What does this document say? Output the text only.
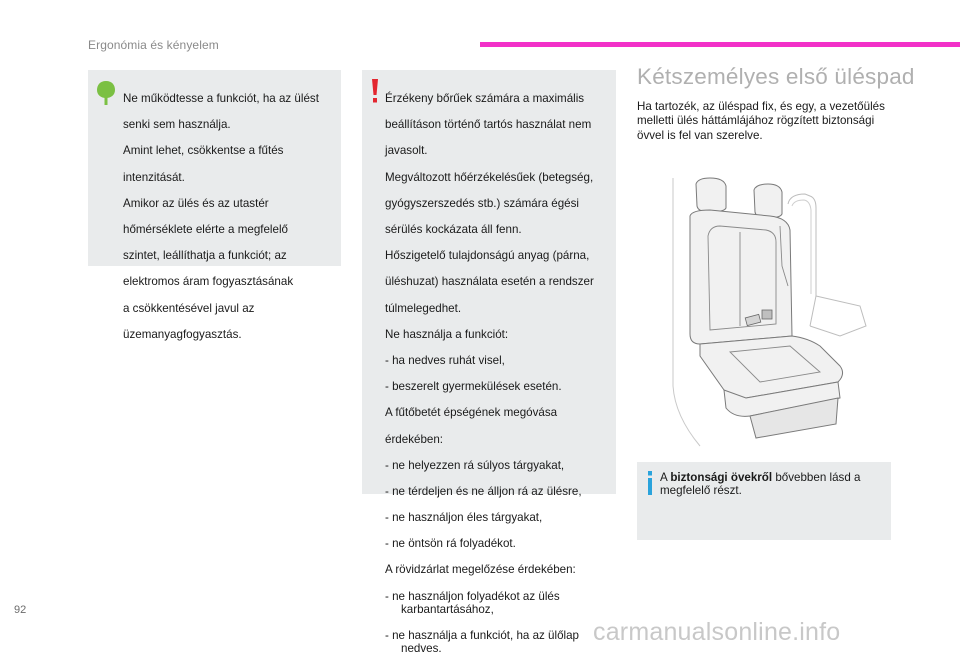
Ergonómia és kényelem

Ne működtesse a funkciót, ha az ülést

senki sem használja.

Amint lehet, csökkentse a fűtés

intenzitását.

Amikor az ülés és az utastér

hőmérséklete elérte a megfelelő

szintet, leállíthatja a funkciót; az

elektromos áram fogyasztásának

a csökkentésével javul az

üzemanyagfogyasztás.

Érzékeny bőrűek számára a maximális

beállításon történő tartós használat nem

javasolt.

Megváltozott hőérzékelésűek (betegség,

gyógyszerszedés stb.) számára égési

sérülés kockázata áll fenn.

Hőszigetelő tulajdonságú anyag (párna,

üléshuzat) használata esetén a rendszer

túlmelegedhet.

Ne használja a funkciót:

- ha nedves ruhát visel,

- beszerelt gyermekülések esetén.

A fűtőbetét épségének megóvása

érdekében:

- ne helyezzen rá súlyos tárgyakat,

- ne térdeljen és ne álljon rá az ülésre,

- ne használjon éles tárgyakat,

- ne öntsön rá folyadékot.

A rövidzárlat megelőzése érdekében:

- ne használjon folyadékot az ülés karbantartásához,

- ne használja a funkciót, ha az ülőlap nedves.

Kétszemélyes első üléspad
Ha tartozék, az üléspad fix, és egy, a vezetőülés melletti ülés háttámlájához rögzített biztonsági övvel is fel van szerelve.
A biztonsági övekről bővebben lásd a megfelelő részt.
92
carmanualsonline.info
